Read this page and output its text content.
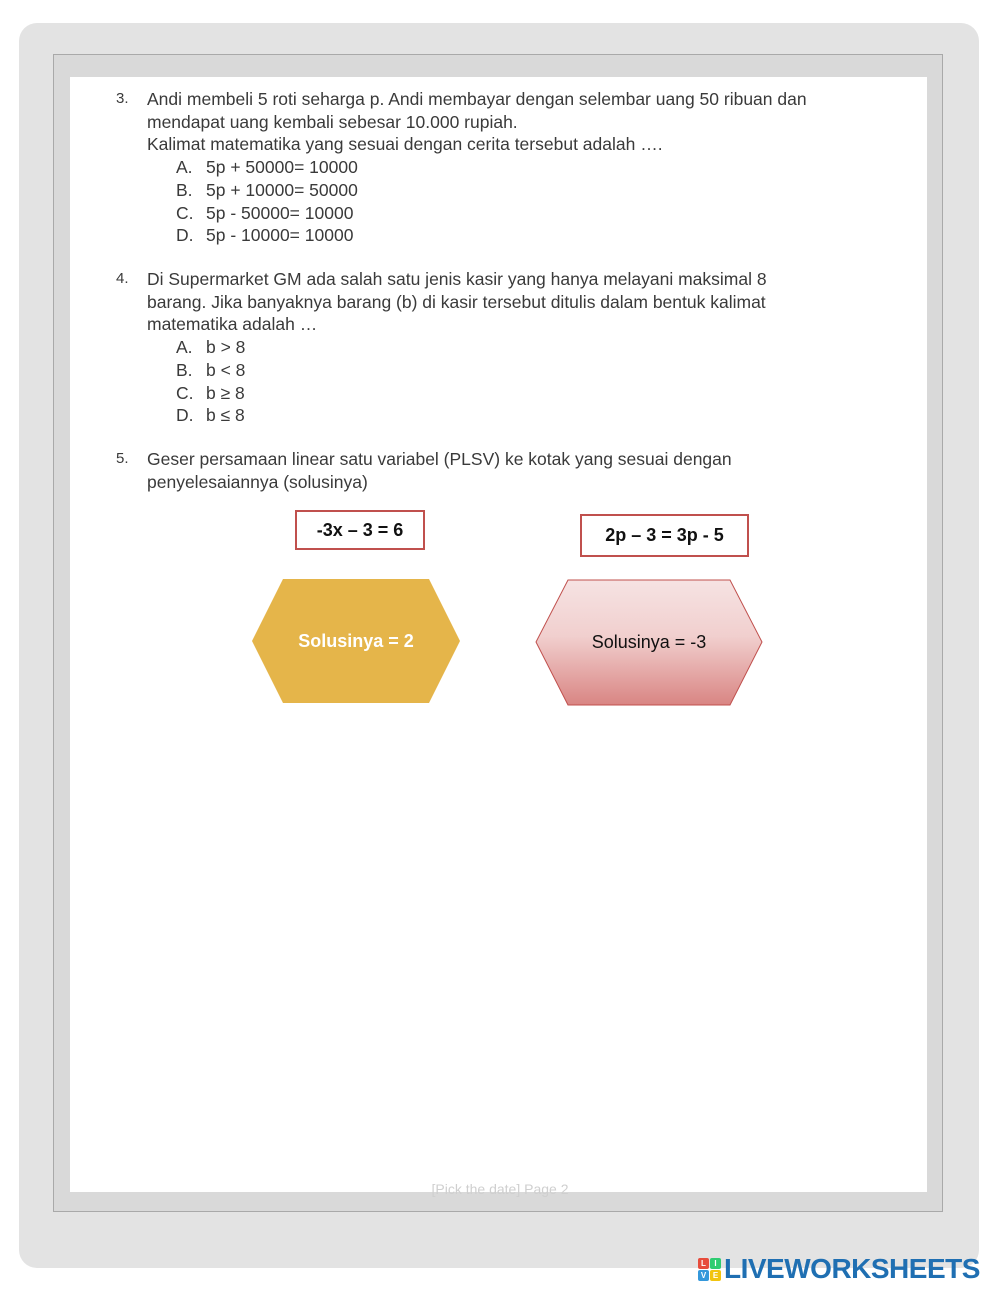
3.	Andi membeli 5 roti seharga p. Andi membayar dengan selembar uang 50 ribuan dan
mendapat uang kembali sebesar 10.000 rupiah.
Kalimat matematika yang sesuai dengan cerita tersebut adalah ….
A. 5p + 50000= 10000
B. 5p + 10000= 50000
C. 5p - 50000= 10000
D. 5p - 10000= 10000
4.	Di Supermarket GM ada salah satu jenis kasir yang hanya melayani maksimal 8
barang. Jika banyaknya barang (b) di kasir tersebut ditulis dalam bentuk kalimat
matematika adalah …
A. b > 8
B. b < 8
C. b ≥ 8
D. b ≤ 8
5.	Geser persamaan linear satu variabel (PLSV) ke kotak yang sesuai dengan
penyelesaiannya (solusinya)
-3x – 3 = 6	2p – 3 = 3p - 5
Solusinya = 2	Solusinya = -3
[Pick the date] Page 2
L	I
V E LIVEWORKSHEETS
